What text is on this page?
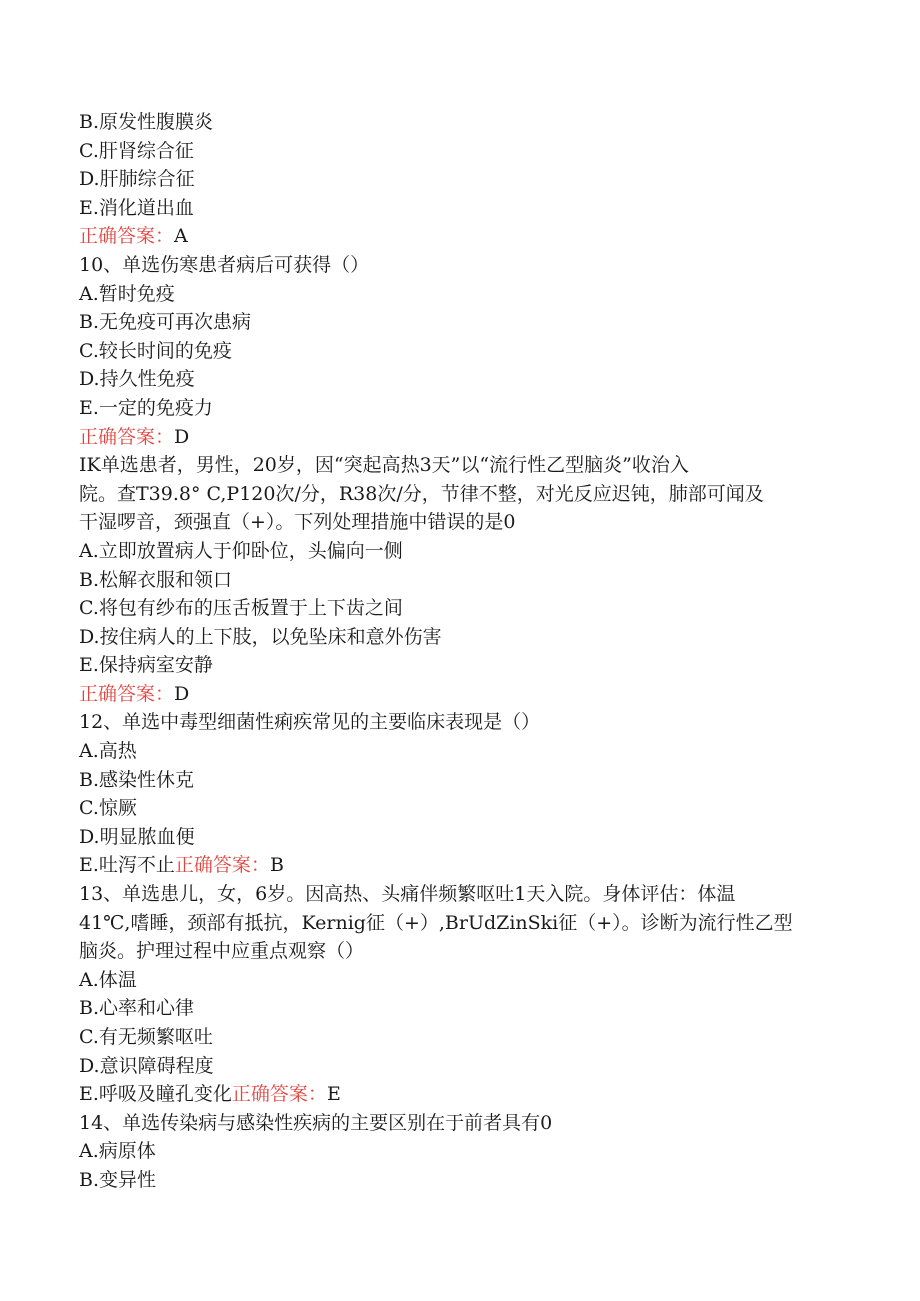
B.原发性腹膜炎
C.肝肾综合征
D.肝肺综合征
E.消化道出血
正确答案：A
10、单选伤寒患者病后可获得（）
A.暂时免疫
B.无免疫可再次患病
C.较长时间的免疫
D.持久性免疫
E.一定的免疫力
正确答案：D
IK单选患者，男性，20岁，因“突起高热3天”以“流行性乙型脑炎”收治入
院。查T39.8° C,P120次/分，R38次/分，节律不整，对光反应迟钝，肺部可闻及
干湿啰音，颈强直（+）。下列处理措施中错误的是0
A.立即放置病人于仰卧位，头偏向一侧
B.松解衣服和领口
C.将包有纱布的压舌板置于上下齿之间
D.按住病人的上下肢，以免坠床和意外伤害
E.保持病室安静
正确答案：D
12、单选中毒型细菌性痢疾常见的主要临床表现是（）
A.高热
B.感染性休克
C.惊厥
D.明显脓血便
E.吐泻不止正确答案：B
13、单选患儿，女，6岁。因高热、头痛伴频繁呕吐1天入院。身体评估：体温
41℃,嗜睡，颈部有抵抗，Kernig征（+）,BrUdZinSki征（+）。诊断为流行性乙型
脑炎。护理过程中应重点观察（）
A.体温
B.心率和心律
C.有无频繁呕吐
D.意识障碍程度
E.呼吸及瞳孔变化正确答案：E
14、单选传染病与感染性疾病的主要区别在于前者具有0
A.病原体
B.变异性
